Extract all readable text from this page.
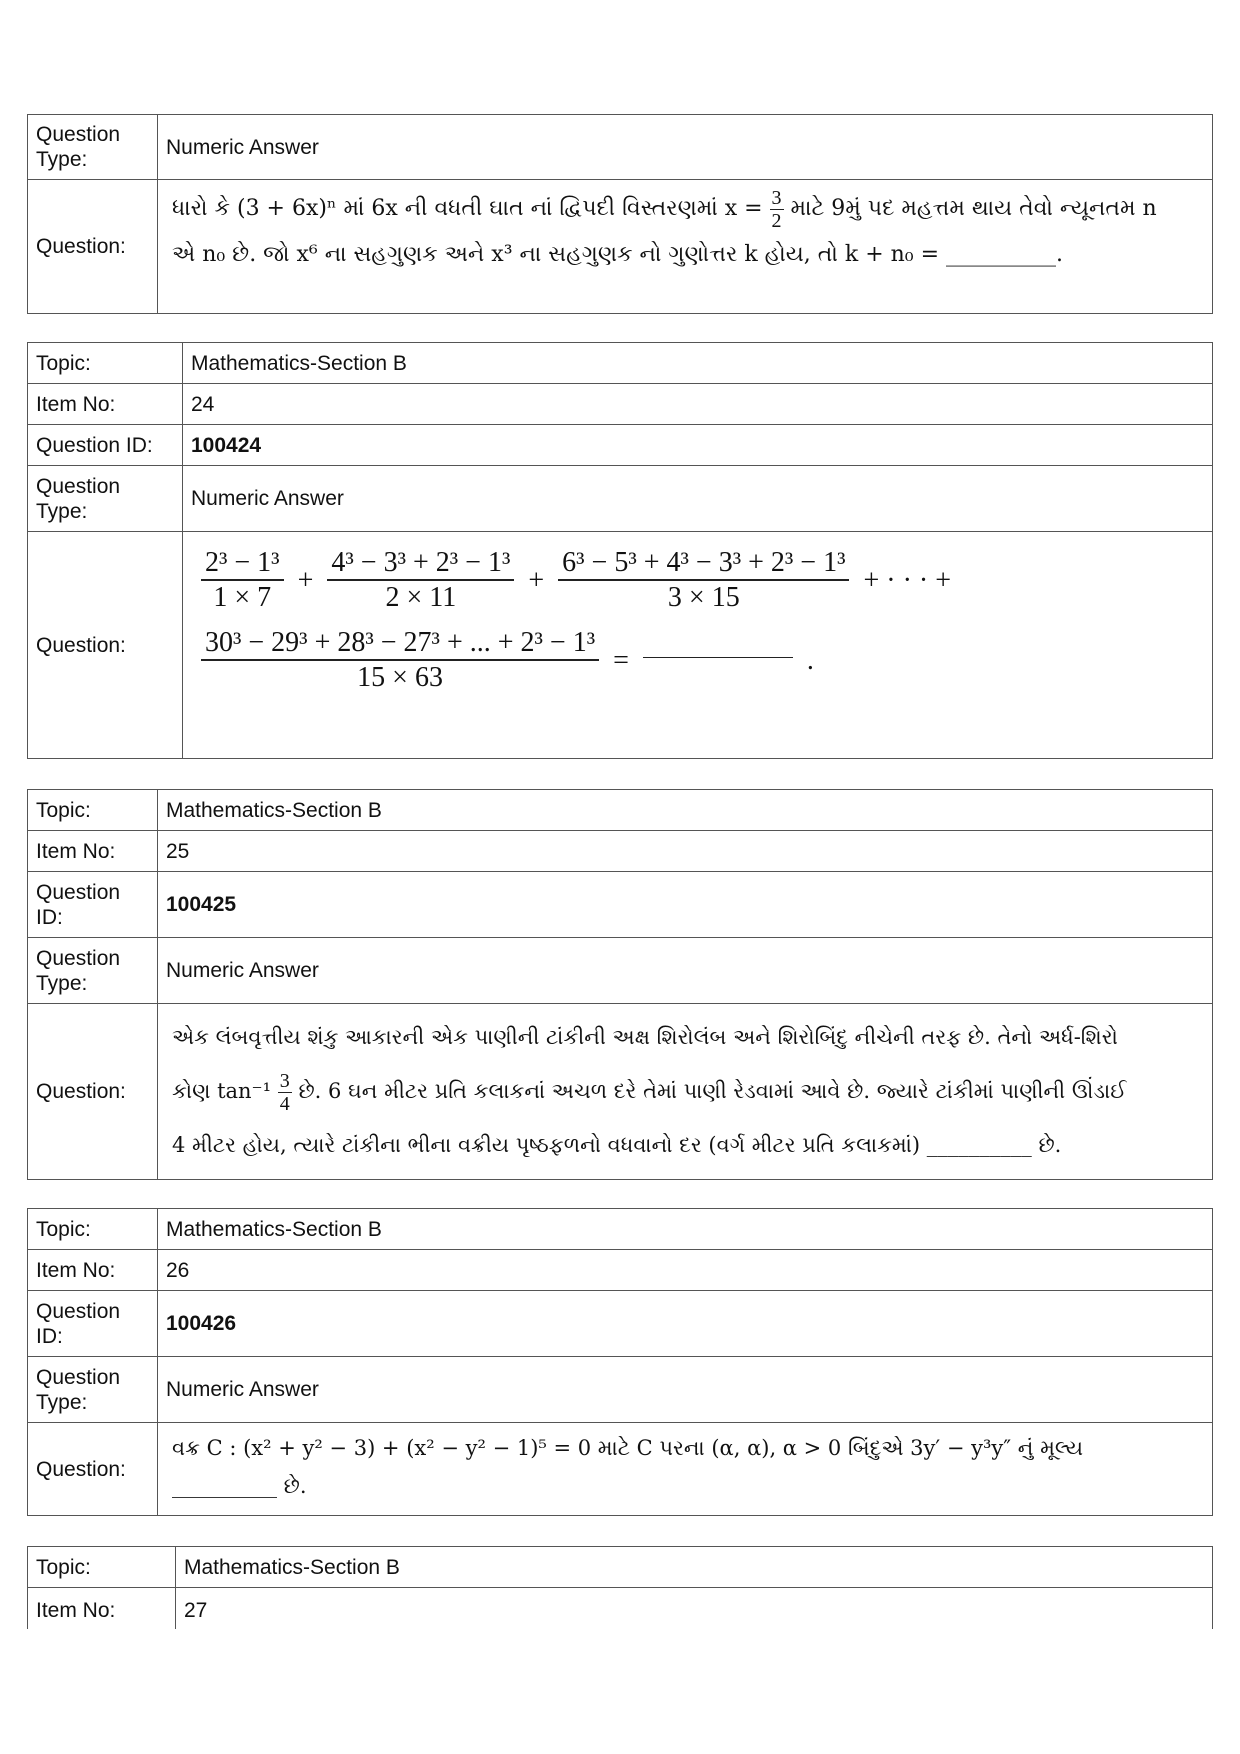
Question Type:
Numeric Answer
Question:
ધારો કે (3 + 6x)ⁿ માં 6x ની વધતી ઘાત નાં દ્વિપદી વિસ્તરણમાં $x = \frac{3}{2}$ માટે 9મું પદ મહત્તમ થાય તેવો ન્યૂનતમ n
એ n₀ છે. જો x⁶ ના સહગુણક અને x³ ના સહગુણક નો ગુણોત્તર k હોય, તો k + n₀ = __________.
Topic:	Mathematics-Section B
Item No:	24
Question ID:	100424
Question Type:
Numeric Answer
Question:
$\frac{\text{2³ − 1³}}{1 \times 7} + \frac{\text{4³ − 3³ + 2³ − 1³}}{2 \times 11} + \frac{\text{6³ − 5³ + 4³ − 3³ + 2³ − 1³}}{3 \times 15}$ + · · · +
$\frac{\text{30³ − 29³ + 28³ − 27³ + ... + 2³ − 1³}}{15 \times 63}$ =	.
Topic:	Mathematics-Section B
Item No:	25
Question ID:
100425
Question Type:
Numeric Answer
Question:
એક લંબવૃત્તીય શંકુ આકારની એક પાણીની ટાંકીની અક્ષ શિરોલંબ અને શિરોબિંદુ નીચેની તરફ છે. તેનો અર્ધ-શિરો
કોણ $\tan^{-1} \frac{3}{4}$ છે. 6 ઘન મીટર પ્રતિ કલાકનાં અચળ દરે તેમાં પાણી રેડવામાં આવે છે. જ્યારે ટાંકીમાં પાણીની ઊંડાઈ
4 મીટર હોય, ત્યારે ટાંકીના ભીના વક્રીય પૃષ્ઠફળનો વધવાનો દર (વર્ગ મીટર પ્રતિ કલાકમાં) __________ છે.
Topic:	Mathematics-Section B
Item No:	26
Question ID:
100426
Question Type:
Numeric Answer
Question:
વક્ર C : (x² + y² − 3) + (x² − y² − 1)⁵ = 0 માટે C પરના (α, α), α > 0 બિંદુએ 3y′ − y³y″ નું મૂલ્ય
__________ છે.
Topic:	Mathematics-Section B
Item No:	27
